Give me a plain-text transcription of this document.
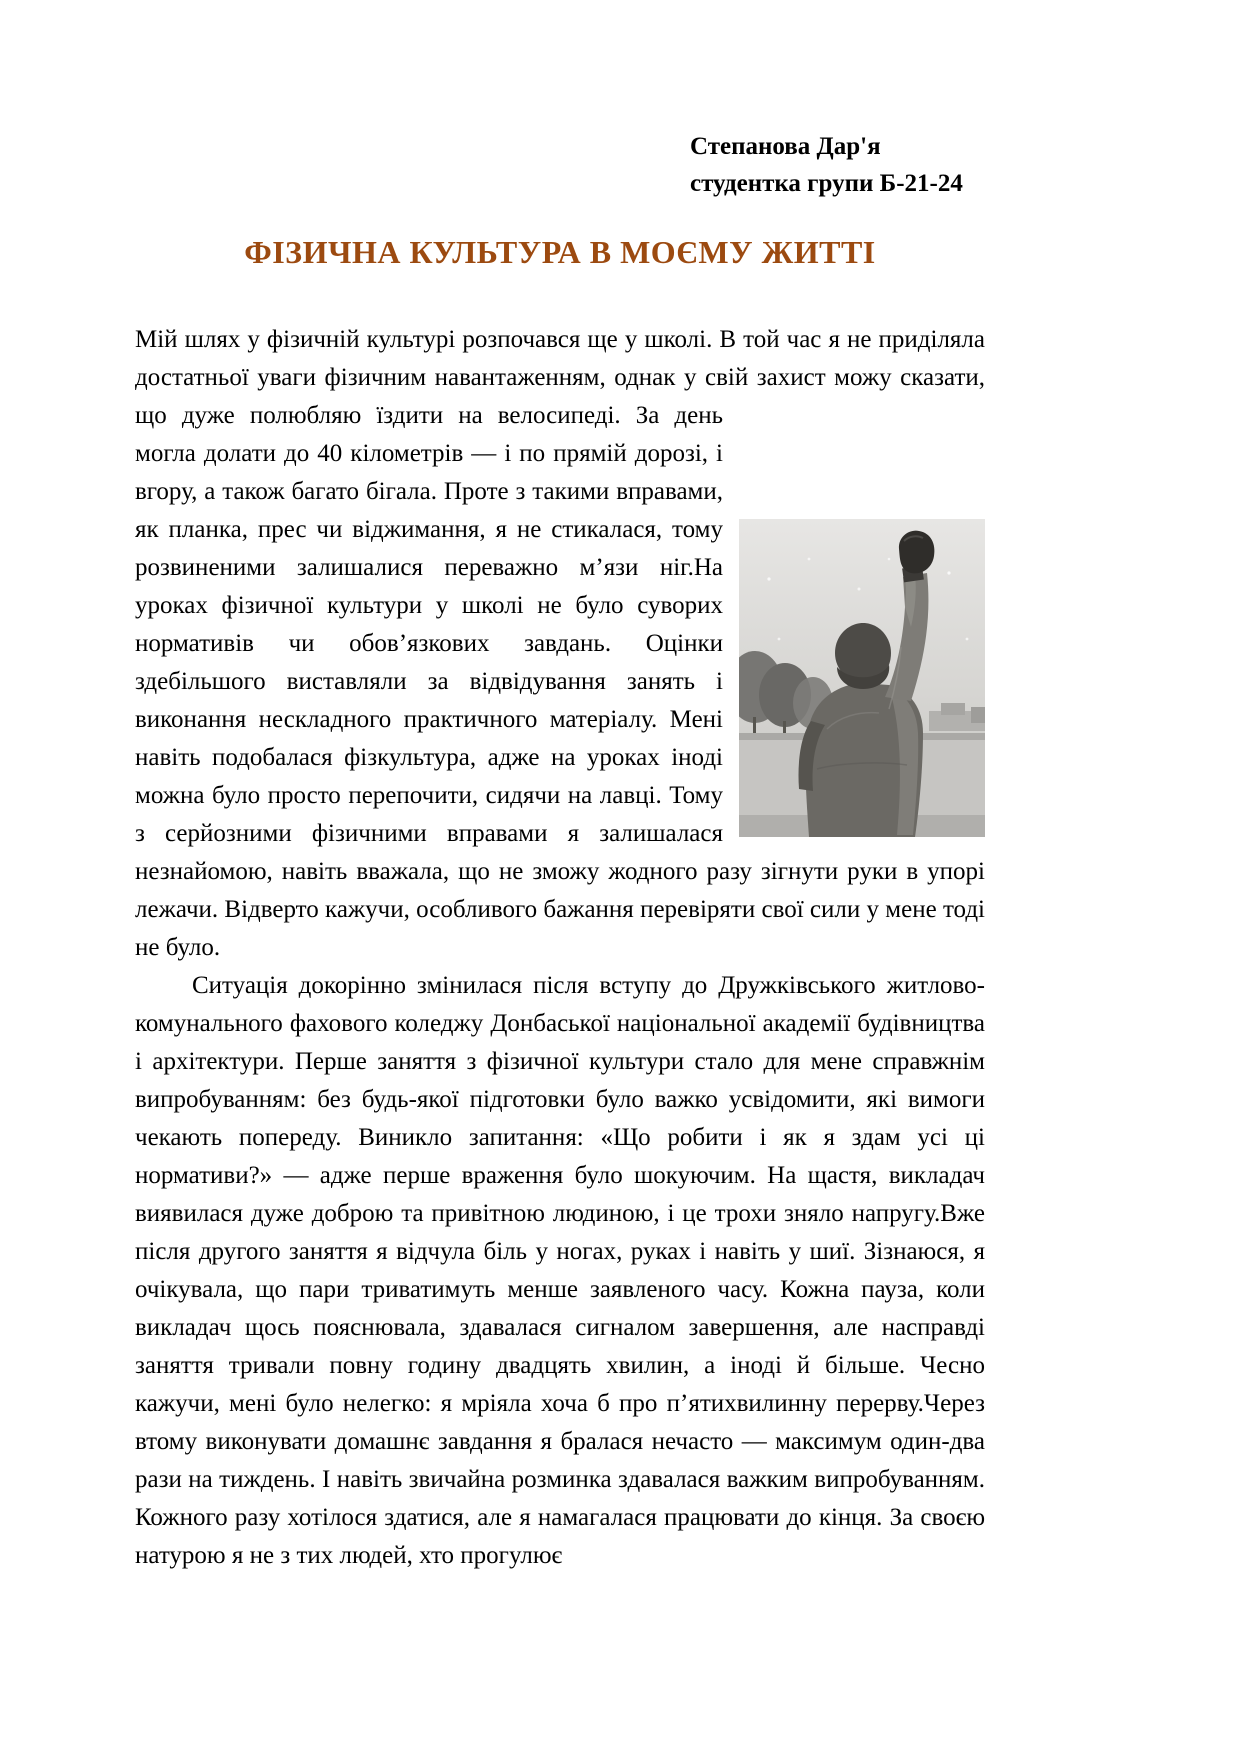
Степанова Дар'я
студентка групи Б-21-24
ФІЗИЧНА КУЛЬТУРА В МОЄМУ ЖИТТІ

Мій шлях у фізичній культурі розпочався ще у школі. В той час я не приділяла достатньої уваги фізичним навантаженням, однак у свій захист
можу сказати, що дуже полюбляю їздити на велосипеді. За день могла долати до 40 кілометрів — і по прямій дорозі, і вгору, а також багато бігала. Проте з такими вправами, як планка, прес чи віджимання, я не стикалася, тому розвиненими залишалися переважно м’язи ніг.На уроках фізичної культури у школі не було суворих нормативів чи обов’язкових завдань. Оцінки здебільшого виставляли за відвідування занять і виконання нескладного практичного матеріалу. Мені навіть подобалася фізкультура, адже на уроках іноді можна було просто перепочити, сидячи на лавці. Тому з серйозними фізичними вправами я залишалася незнайомою, навіть вважала, що не зможу жодного разу зігнути руки в упорі лежачи. Відверто кажучи, особливого бажання перевіряти свої сили у мене тоді не було.

Ситуація докорінно змінилася після вступу до Дружківського житлово-комунального фахового коледжу Донбаської національної академії будівництва і архітектури. Перше заняття з фізичної культури стало для мене справжнім випробуванням: без будь-якої підготовки було важко усвідомити, які вимоги чекають попереду. Виникло запитання: «Що робити і як я здам усі ці нормативи?» — адже перше враження було шокуючим. На щастя, викладач виявилася дуже доброю та привітною людиною, і це трохи зняло напругу.Вже після другого заняття я відчула біль у ногах, руках і навіть у шиї. Зізнаюся, я очікувала, що пари триватимуть менше заявленого часу. Кожна пауза, коли викладач щось пояснювала, здавалася сигналом завершення, але насправді заняття тривали повну годину двадцять хвилин, а іноді й більше. Чесно кажучи, мені було нелегко: я мріяла хоча б про п’ятихвилинну перерву.Через втому виконувати домашнє завдання я бралася нечасто — максимум один-два рази на тиждень. І навіть звичайна розминка здавалася важким випробуванням. Кожного разу хотілося здатися, але я намагалася працювати до кінця. За своєю натурою я не з тих людей, хто прогулює
